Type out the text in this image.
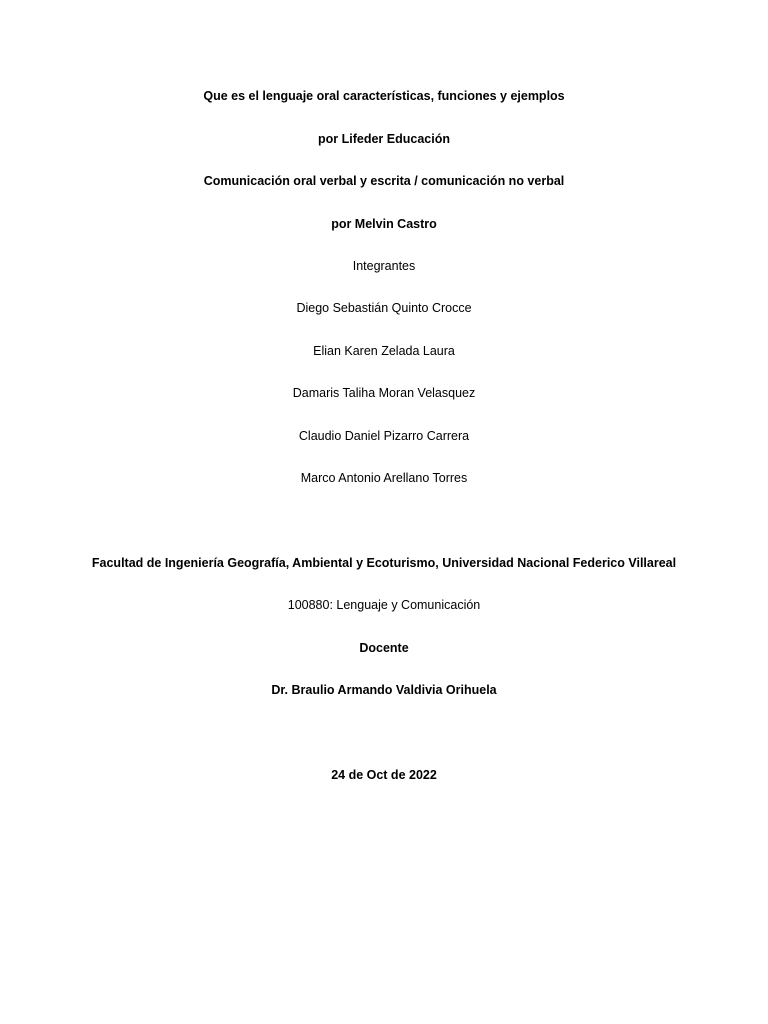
Que es el lenguaje oral características, funciones y ejemplos
por Lifeder Educación
Comunicación oral verbal y escrita / comunicación no verbal
por Melvin Castro
Integrantes
Diego Sebastián Quinto Crocce
Elian Karen Zelada Laura
Damaris Taliha Moran Velasquez
Claudio Daniel Pizarro Carrera
Marco Antonio Arellano Torres
Facultad de Ingeniería Geografía, Ambiental y Ecoturismo, Universidad Nacional Federico Villareal
100880: Lenguaje y Comunicación
Docente
Dr. Braulio Armando Valdivia Orihuela
24 de Oct de 2022
